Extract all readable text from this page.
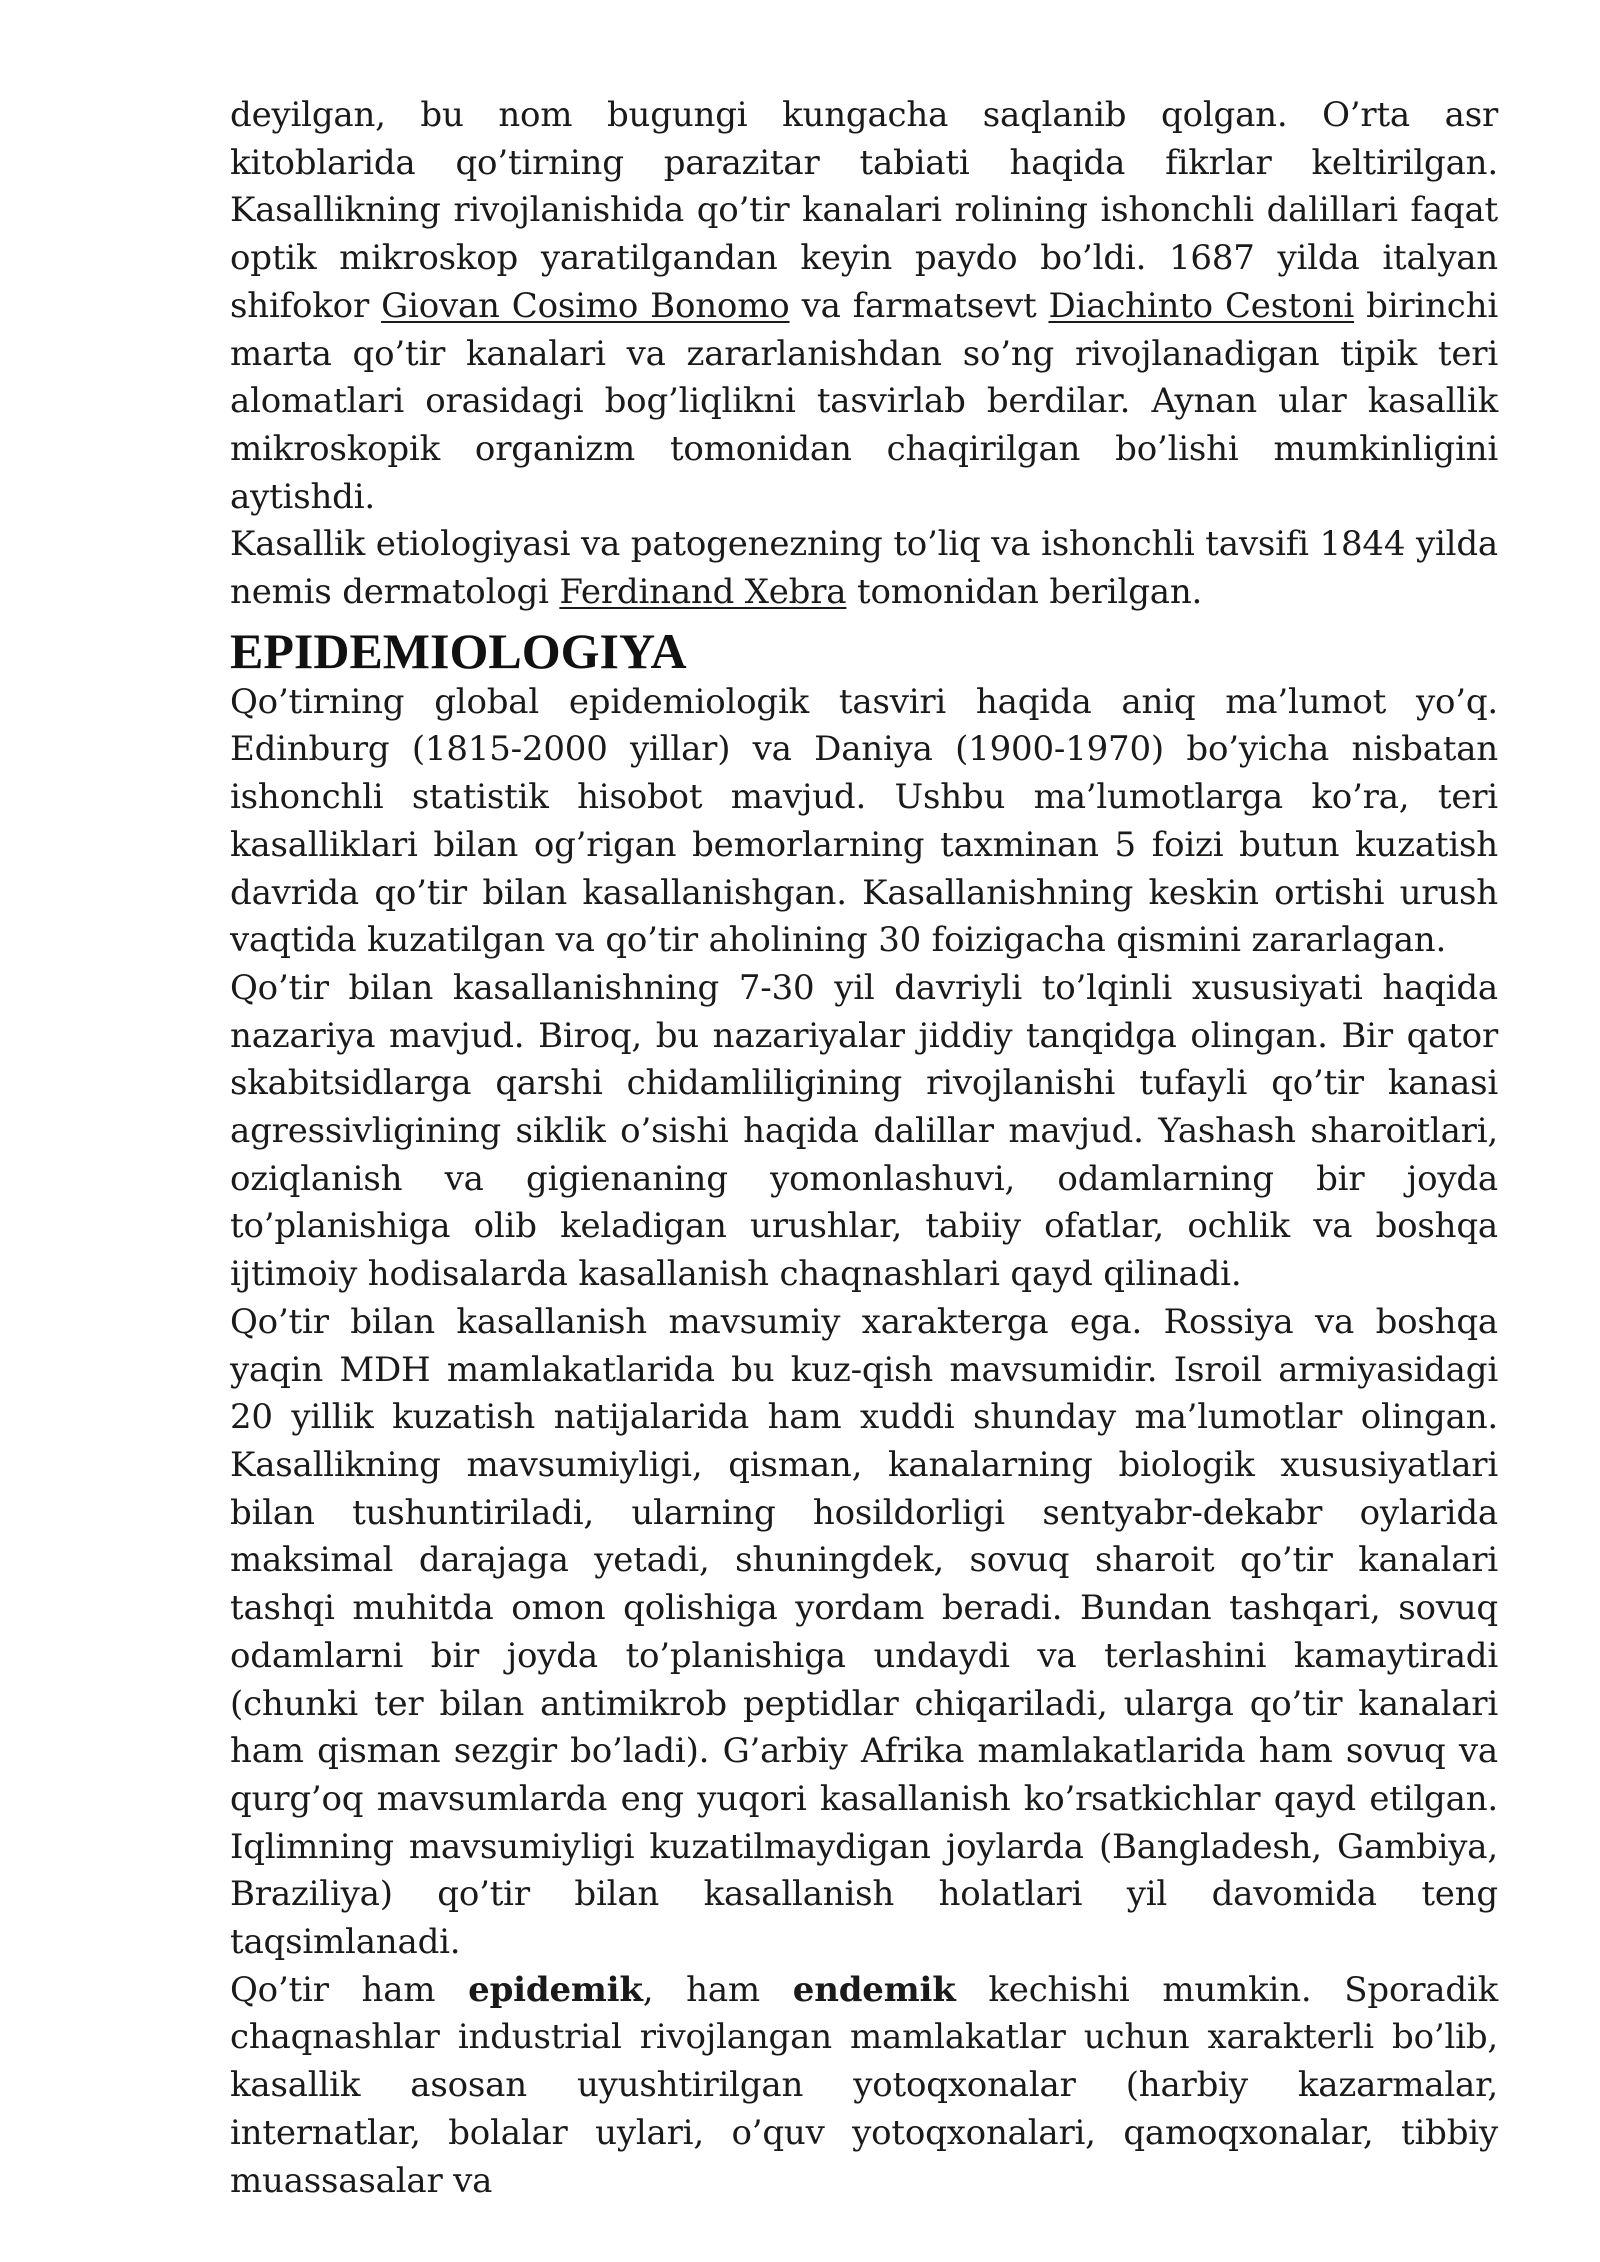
deyilgan, bu nom bugungi kungacha saqlanib qolgan. O’rta asr kitoblarida qo’tirning parazitar tabiati haqida fikrlar keltirilgan. Kasallikning rivojlanishida qo’tir kanalari rolining ishonchli dalillari faqat optik mikroskop yaratilgandan keyin paydo bo’ldi. 1687 yilda italyan shifokor Giovan Cosimo Bonomo va farmatsevt Diachinto Cestoni birinchi marta qo’tir kanalari va zararlanishdan so’ng rivojlanadigan tipik teri alomatlari orasidagi bog’liqlikni tasvirlab berdilar. Aynan ular kasallik mikroskopik organizm tomonidan chaqirilgan bo’lishi mumkinligini aytishdi.

Kasallik etiologiyasi va patogenezning to’liq va ishonchli tavsifi 1844 yilda nemis dermatologi Ferdinand Xebra tomonidan berilgan.

EPIDEMIOLOGIYA

Qo’tirning global epidemiologik tasviri haqida aniq ma’lumot yo’q. Edinburg (1815-2000 yillar) va Daniya (1900-1970) bo’yicha nisbatan ishonchli statistik hisobot mavjud. Ushbu ma’lumotlarga ko’ra, teri kasalliklari bilan og’rigan bemorlarning taxminan 5 foizi butun kuzatish davrida qo’tir bilan kasallanishgan. Kasallanishning keskin ortishi urush vaqtida kuzatilgan va qo’tir aholining 30 foizigacha qismini zararlagan.

Qo’tir bilan kasallanishning 7-30 yil davriyli to’lqinli xususiyati haqida nazariya mavjud. Biroq, bu nazariyalar jiddiy tanqidga olingan. Bir qator skabitsidlarga qarshi chidamliligining rivojlanishi tufayli qo’tir kanasi agressivligining siklik o’sishi haqida dalillar mavjud. Yashash sharoitlari, oziqlanish va gigienaning yomonlashuvi, odamlarning bir joyda to’planishiga olib keladigan urushlar, tabiiy ofatlar, ochlik va boshqa ijtimoiy hodisalarda kasallanish chaqnashlari qayd qilinadi.

Qo’tir bilan kasallanish mavsumiy xarakterga ega. Rossiya va boshqa yaqin MDH mamlakatlarida bu kuz-qish mavsumidir. Isroil armiyasidagi 20 yillik kuzatish natijalarida ham xuddi shunday ma’lumotlar olingan. Kasallikning mavsumiyligi, qisman, kanalarning biologik xususiyatlari bilan tushuntiriladi, ularning hosildorligi sentyabr-dekabr oylarida maksimal darajaga yetadi, shuningdek, sovuq sharoit qo’tir kanalari tashqi muhitda omon qolishiga yordam beradi. Bundan tashqari, sovuq odamlarni bir joyda to’planishiga undaydi va terlashini kamaytiradi (chunki ter bilan antimikrob peptidlar chiqariladi, ularga qo’tir kanalari ham qisman sezgir bo’ladi). G’arbiy Afrika mamlakatlarida ham sovuq va qurg’oq mavsumlarda eng yuqori kasallanish ko’rsatkichlar qayd etilgan. Iqlimning mavsumiyligi kuzatilmaydigan joylarda (Bangladesh, Gambiya, Braziliya) qo’tir bilan kasallanish holatlari yil davomida teng taqsimlanadi.

Qo’tir ham epidemik, ham endemik kechishi mumkin. Sporadik chaqnashlar industrial rivojlangan mamlakatlar uchun xarakterli bo’lib, kasallik asosan uyushtirilgan yotoqxonalar (harbiy kazarmalar, internatlar, bolalar uylari, o’quv yotoqxonalari, qamoqxonalar, tibbiy muassasalar va
